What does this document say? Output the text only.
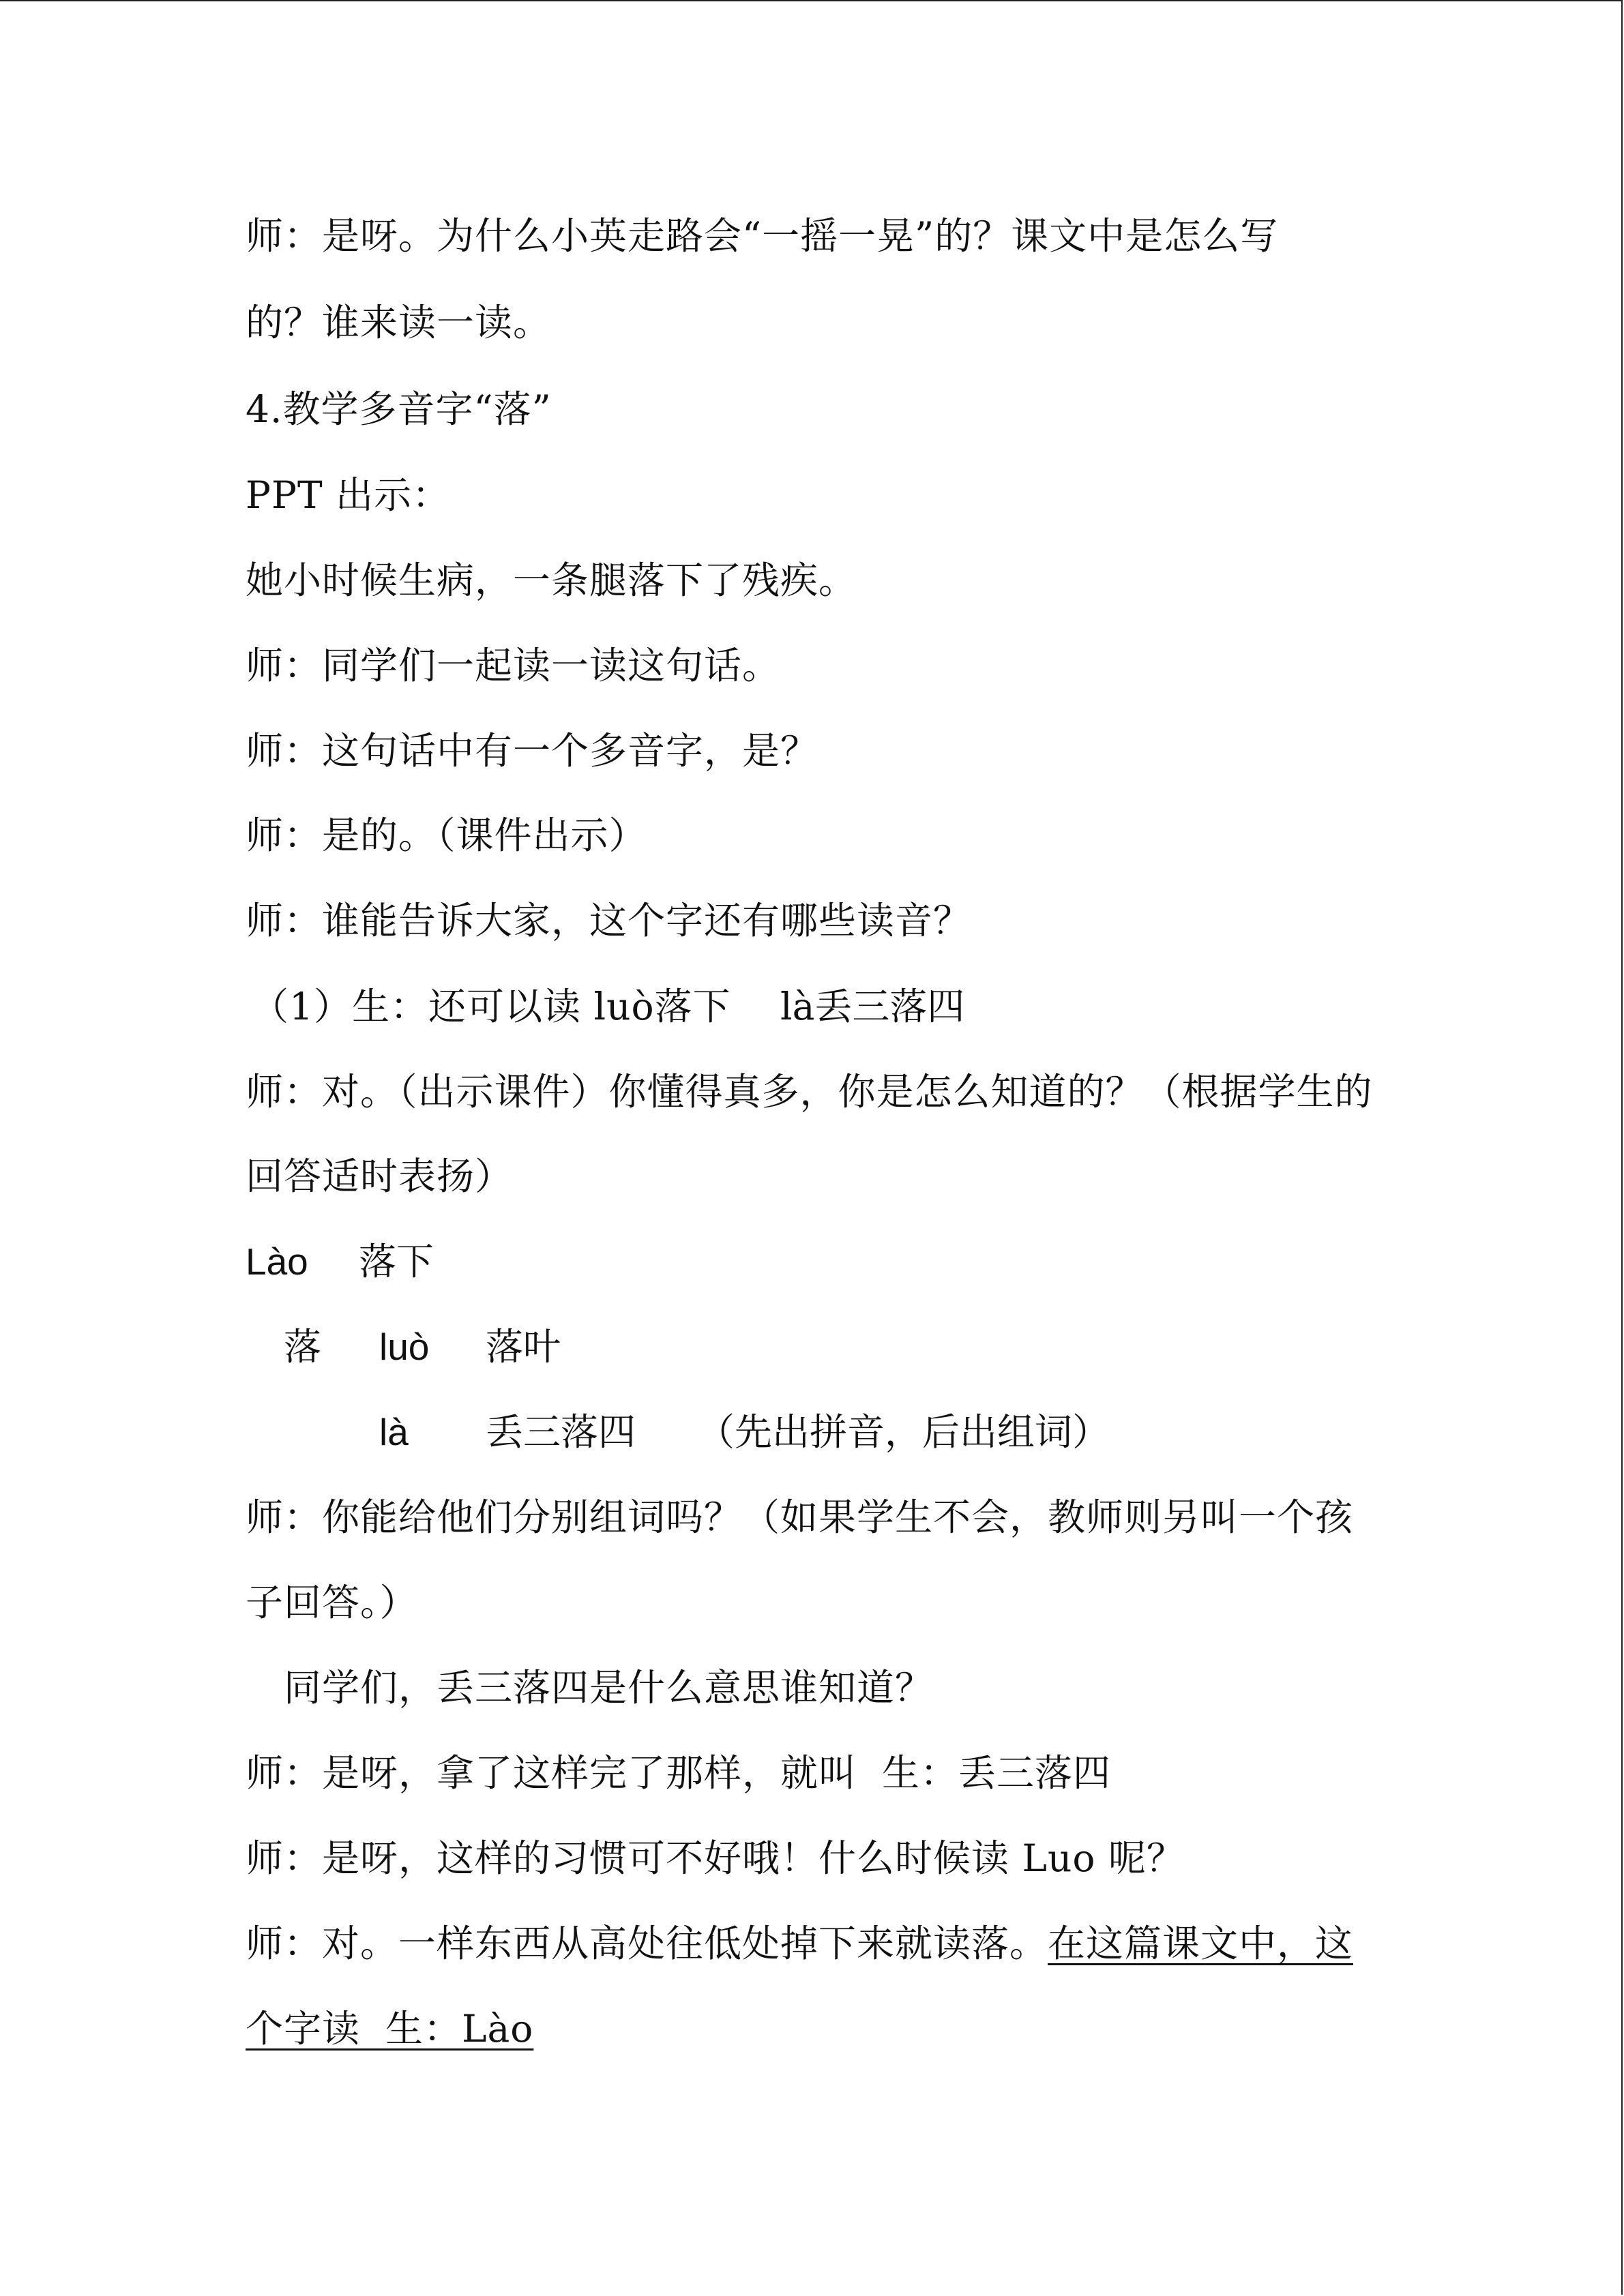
师：是呀。为什么小英走路会“一摇一晃”的？课文中是怎么写
的？谁来读一读。
4.教学多音字“落”
PPT 出示：
她小时候生病，一条腿落下了残疾。
师：同学们一起读一读这句话。
师：这句话中有一个多音字，是？
师：是的。（课件出示）
师：谁能告诉大家，这个字还有哪些读音？
（1）生：还可以读 luò落下 là丢三落四
师：对。（出示课件）你懂得真多，你是怎么知道的？（根据学生的
回答适时表扬）
Lào 落下
落 luò 落叶
là 丢三落四 （先出拼音，后出组词）
师：你能给他们分别组词吗？（如果学生不会，教师则另叫一个孩
子回答。）
同学们，丢三落四是什么意思谁知道？
师：是呀，拿了这样完了那样，就叫  生：丢三落四
师：是呀，这样的习惯可不好哦！什么时候读 Luo 呢？
师：对。一样东西从高处往低处掉下来就读落。在这篇课文中，这
个字读  生：Lào
